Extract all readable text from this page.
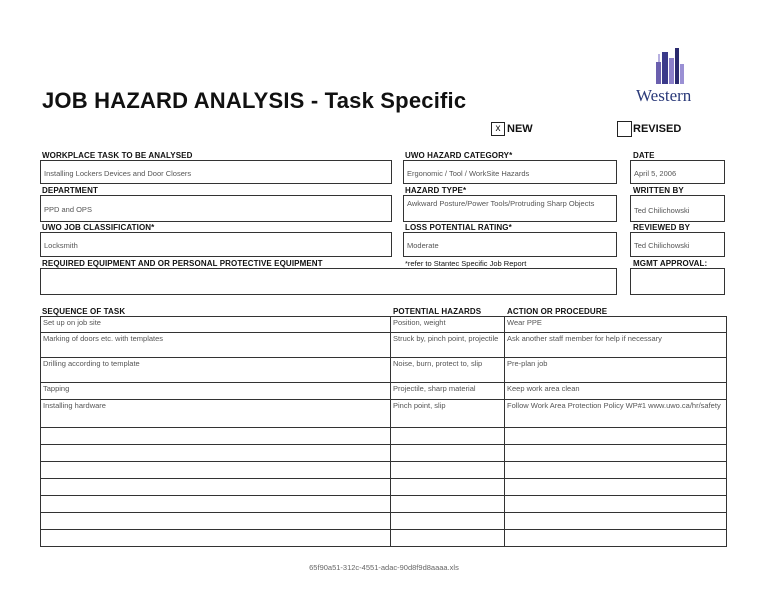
JOB HAZARD ANALYSIS - Task Specific	Western
x NEW	REVISED
WORKPLACE TASK TO BE ANALYSED
Installing Lockers Devices and Door Closers
UWO HAZARD CATEGORY*
Ergonomic / Tool / WorkSite Hazards
DATE
April 5, 2006
DEPARTMENT
PPD and OPS
HAZARD TYPE*
Awkward Posture/Power Tools/Protruding Sharp Objects
WRITTEN BY
Ted Chilichowski
UWO JOB CLASSIFICATION*
Locksmith
LOSS POTENTIAL RATING*
Moderate
REVIEWED BY
Ted Chilichowski
REQUIRED EQUIPMENT AND OR PERSONAL PROTECTIVE EQUIPMENT	*refer to Stantec Specific Job Report	MGMT APPROVAL:
SEQUENCE OF TASK	POTENTIAL HAZARDS	ACTION OR PROCEDURE
Set up on job site	Position, weight	Wear PPE
Marking of doors etc. with templates	Struck by, pinch point, projectile	Ask another staff member for help if necessary
Drilling according to template	Noise, burn, protect to, slip	Pre-plan job
Tapping	Projectile, sharp material	Keep work area clean
Installing hardware	Pinch point, slip	Follow Work Area Protection Policy WP#1 www.uwo.ca/hr/safety

65f90a51-312c-4551-adac-90d8f9d8aaaa.xls
